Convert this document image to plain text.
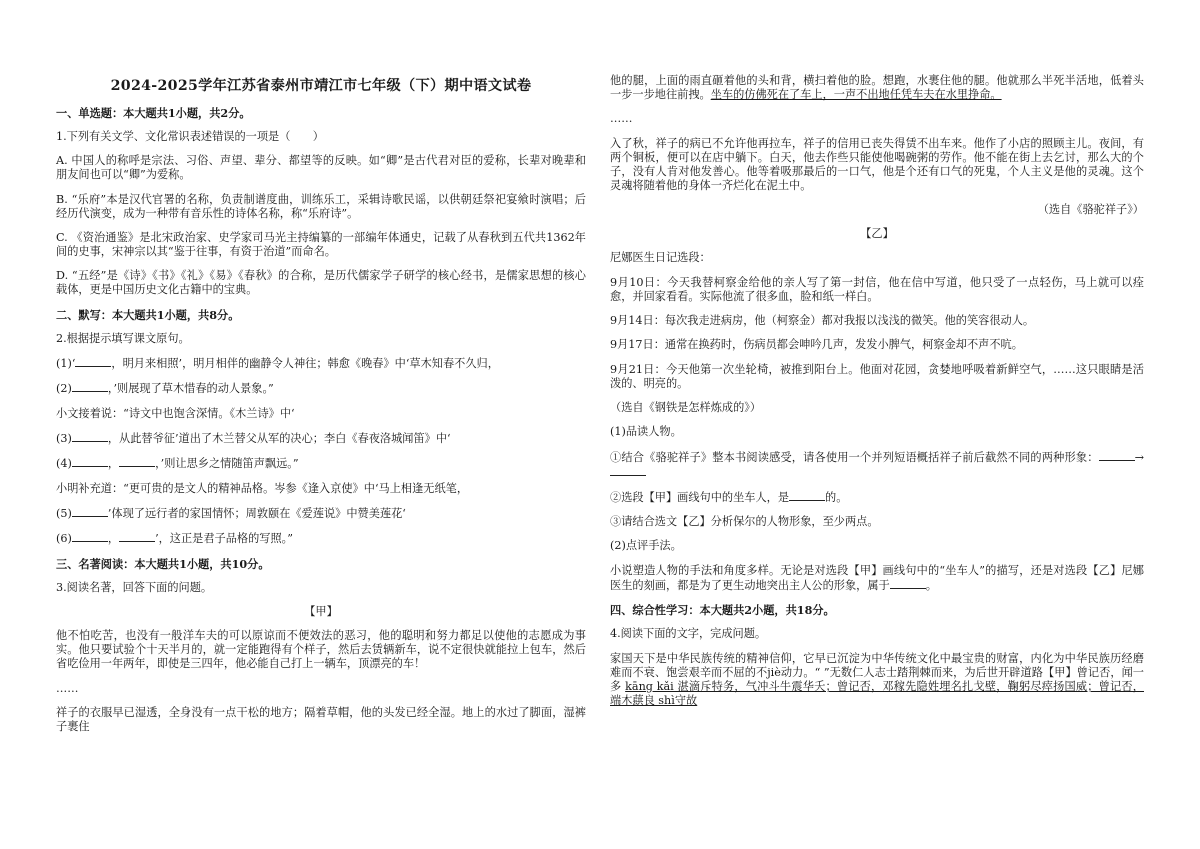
2024-2025学年江苏省泰州市靖江市七年级（下）期中语文试卷

一、单选题：本大题共1小题，共2分。

1.下列有关文学、文化常识表述错误的一项是（　　）

A. 中国人的称呼是宗法、习俗、声望、辈分、都望等的反映。如“卿”是古代君对臣的爱称，长辈对晚辈和朋友间也可以“卿”为爱称。

B. “乐府”本是汉代官署的名称，负责制谱度曲，训练乐工，采辑诗歌民谣，以供朝廷祭祀宴飨时演唱；后经历代演变，成为一种带有音乐性的诗体名称，称“乐府诗”。

C. 《资治通鉴》是北宋政治家、史学家司马光主持编纂的一部编年体通史，记载了从春秋到五代共1362年间的史事，宋神宗以其“鉴于往事，有资于治道”而命名。

D. “五经”是《诗》《书》《礼》《易》《春秋》的合称，是历代儒家学子研学的核心经书，是儒家思想的核心载体，更是中国历史文化古籍中的宝典。

二、默写：本大题共1小题，共8分。

2.根据提示填写课文原句。

(1)‘	，明月来相照’，明月相伴的幽静令人神往；韩愈《晚春》中‘草木知春不久归，

(2)	，’则展现了草木惜春的动人景象。”

小文接着说：“诗文中也饱含深情。《木兰诗》中‘

(3)	，从此替爷征’道出了木兰替父从军的决心；李白《春夜洛城闻笛》中‘

(4)	，	，’则让思乡之情随笛声飘远。”

小明补充道：“更可贵的是文人的精神品格。岑参《逢入京使》中‘马上相逢无纸笔，

(5)	’体现了远行者的家国情怀；周敦颐在《爱莲说》中赞美莲花‘

(6)	，	’，这正是君子品格的写照。”

三、名著阅读：本大题共1小题，共10分。

3.阅读名著，回答下面的问题。

【甲】

他不怕吃苦，也没有一般洋车夫的可以原谅而不便效法的恶习，他的聪明和努力都足以使他的志愿成为事实。他只要试验个十天半月的，就一定能跑得有个样子，然后去赁辆新车，说不定很快就能拉上包车，然后省吃俭用一年两年，即使是三四年，他必能自己打上一辆车，顶漂亮的车！

……

祥子的衣服早已湿透，全身没有一点干松的地方；隔着草帽，他的头发已经全湿。地上的水过了脚面，湿裤子裹住

他的腿，上面的雨直砸着他的头和背，横扫着他的脸。想跑，水裹住他的腿。他就那么半死半活地，低着头一步一步地往前拽。坐车的仿佛死在了车上，一声不出地任凭车夫在水里挣命。

……

入了秋，祥子的病已不允许他再拉车，祥子的信用已丧失得赁不出车来。他作了小店的照顾主儿。夜间，有两个铜板，便可以在店中躺下。白天，他去作些只能使他喝碗粥的劳作。他不能在街上去乞讨，那么大的个子，没有人肯对他发善心。他等着吸那最后的一口气，他是个还有口气的死鬼，个人主义是他的灵魂。这个灵魂将随着他的身体一齐烂化在泥土中。

（选自《骆驼祥子》）

【乙】

尼娜医生日记选段：

9月10日：今天我替柯察金给他的亲人写了第一封信，他在信中写道，他只受了一点轻伤，马上就可以痊愈，并回家看看。实际他流了很多血，脸和纸一样白。

9月14日：每次我走进病房，他（柯察金）都对我报以浅浅的微笑。他的笑容很动人。

9月17日：通常在换药时，伤病员都会呻吟几声，发发小脾气，柯察金却不声不吭。

9月21日：今天他第一次坐轮椅，被推到阳台上。他面对花园，贪婪地呼吸着新鲜空气，……这只眼睛是活泼的、明亮的。

（选自《钢铁是怎样炼成的》）

(1)品读人物。

①结合《骆驼祥子》整本书阅读感受，请各使用一个并列短语概括祥子前后截然不同的两种形象：	→

②选段【甲】画线句中的坐车人，是	的。

③请结合选文【乙】分析保尔的人物形象，至少两点。

(2)点评手法。

小说塑造人物的手法和角度多样。无论是对选段【甲】画线句中的“坐车人”的描写，还是对选段【乙】尼娜医生的刻画，都是为了更生动地突出主人公的形象，属于	。

四、综合性学习：本大题共2小题，共18分。

4.阅读下面的文字，完成问题。

家国天下是中华民族传统的精神信仰，它早已沉淀为中华传统文化中最宝贵的财富，内化为中华民族历经磨难而不衰、饱尝艰辛而不屈的不jiè动力。“ ”无数仁人志士踏荆棘而来，为后世开辟道路【甲】曾记否，闻一多 kāng kǎi 湛滴斥特务，气冲斗牛震华夭；曾记否，邓稼先隐姓埋名扎戈壁，鞠躬尽瘁扬国威；曾记否，端木蕻良 shì守故
